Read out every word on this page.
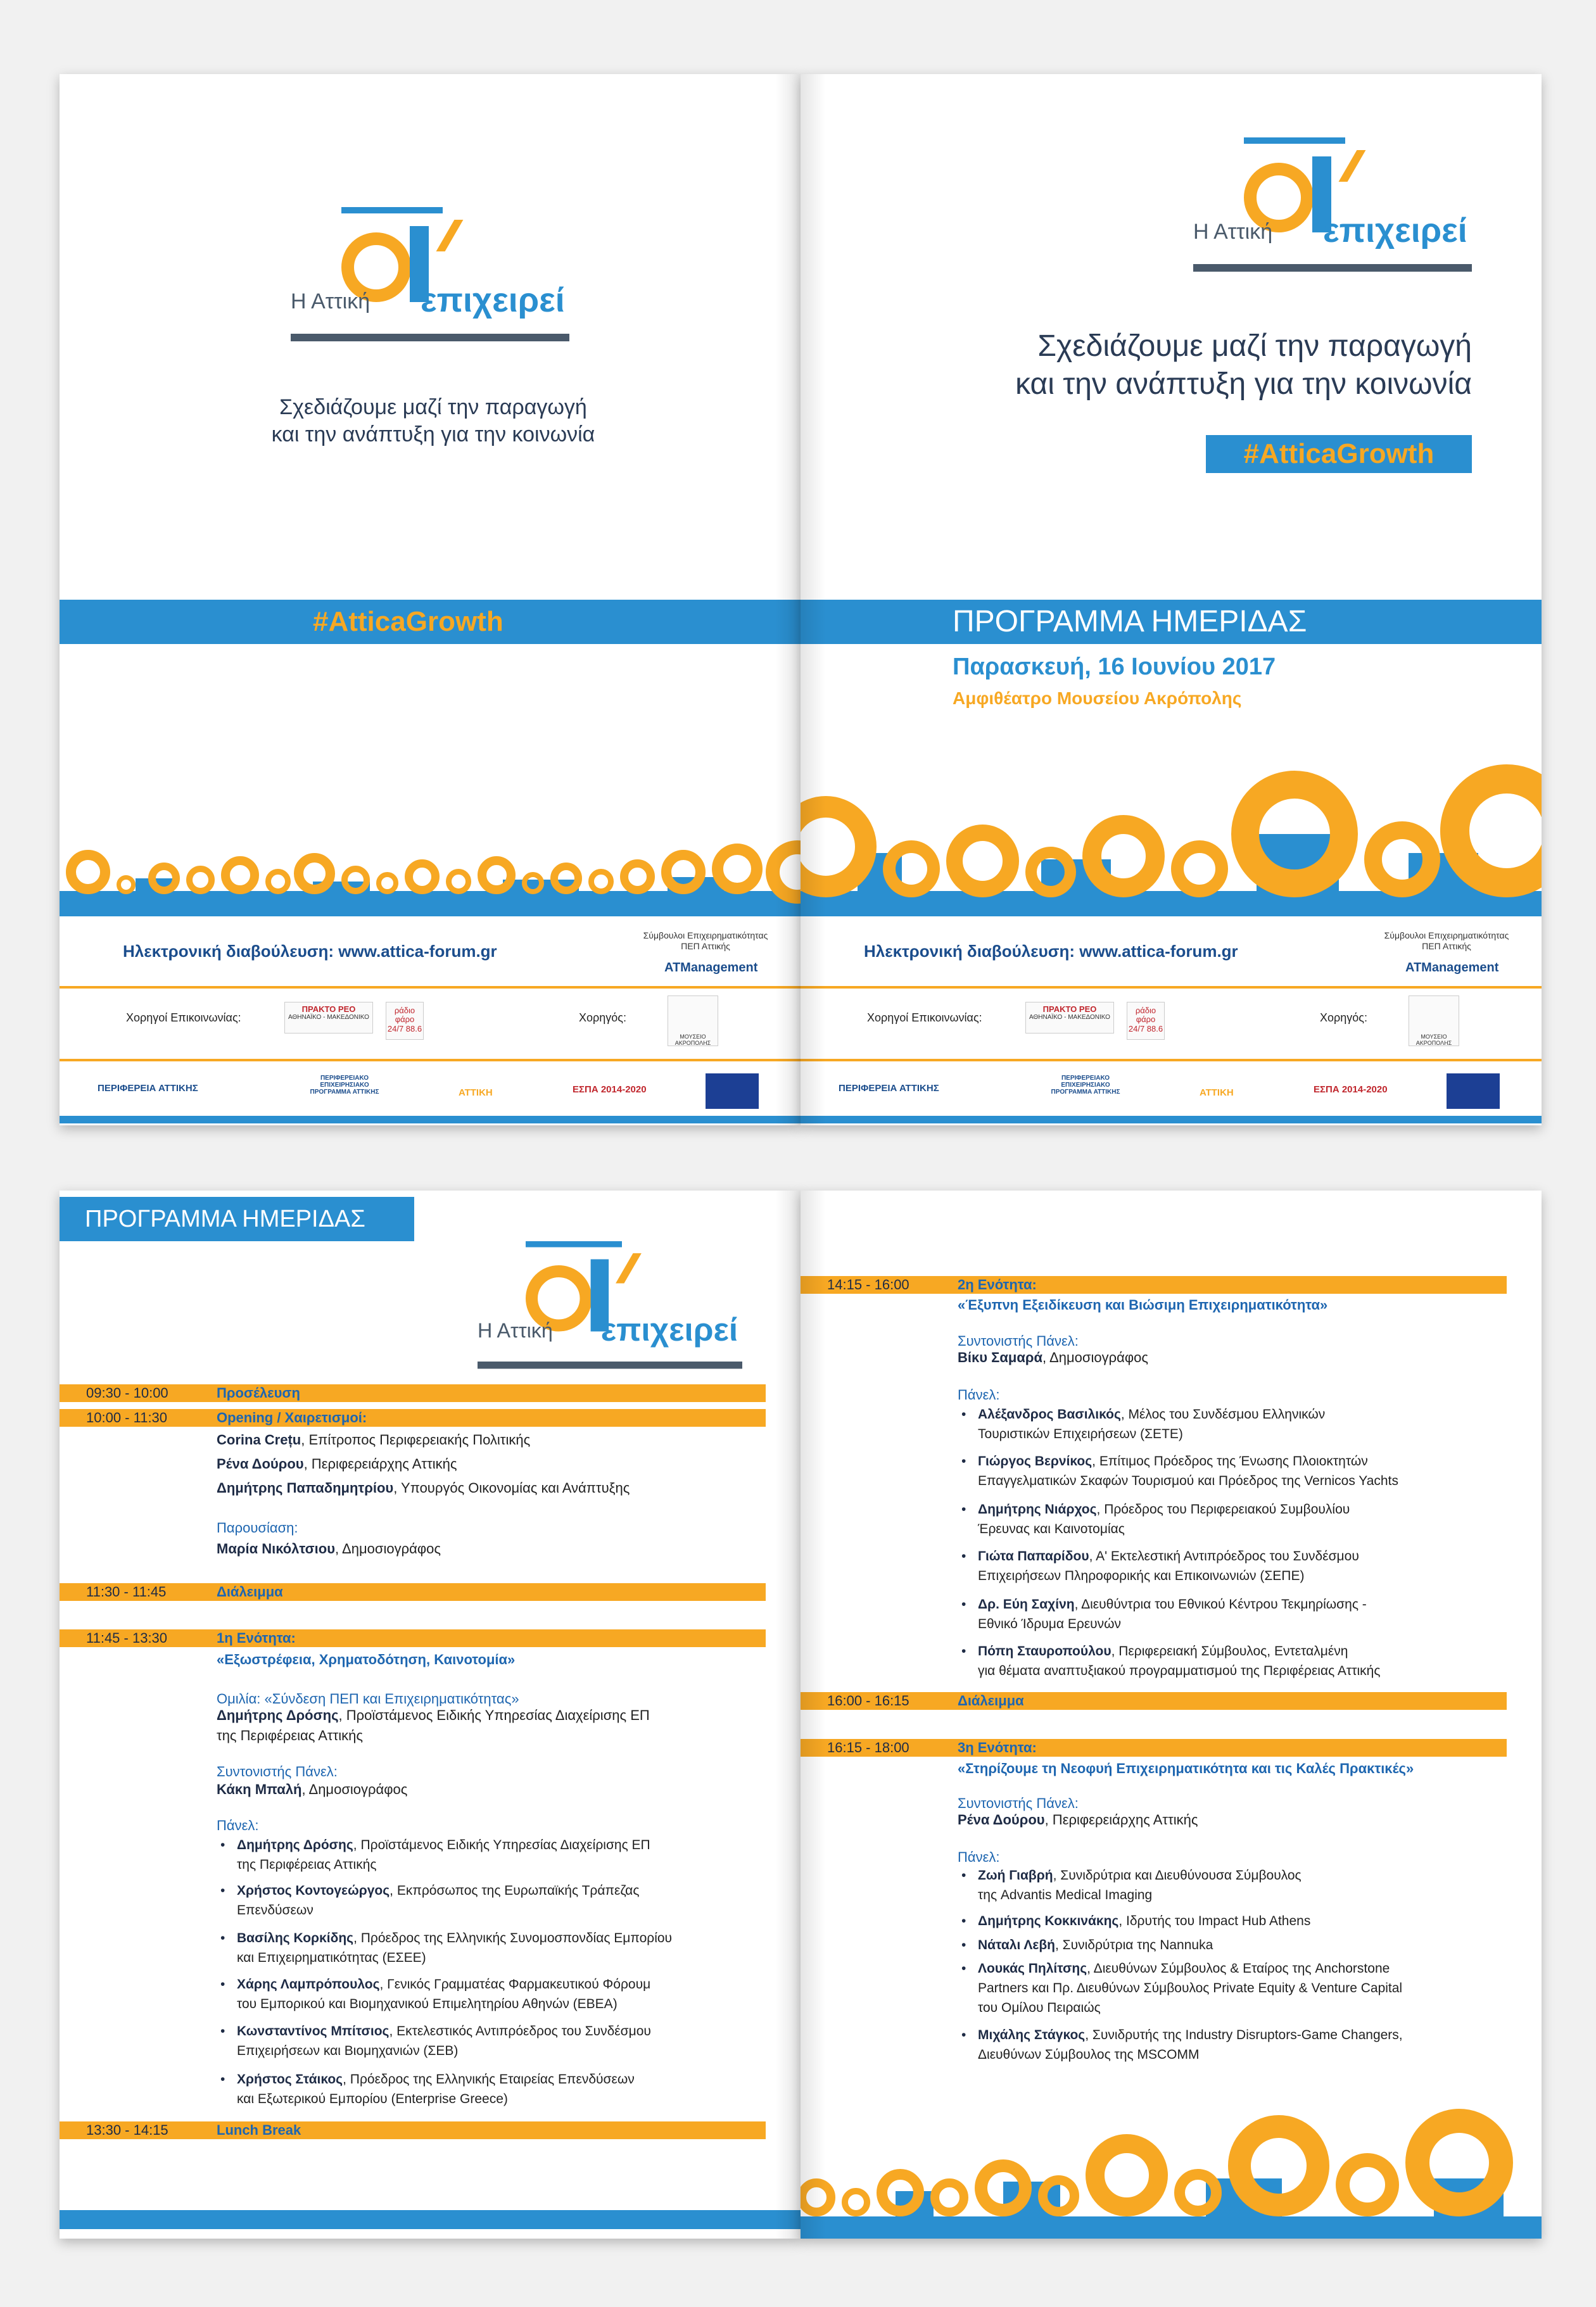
Η Αττική επιχειρεί
Σχεδιάζουμε μαζί την παραγωγή
και την ανάπτυξη για την κοινωνία
#AtticaGrowth
Ηλεκτρονική διαβούλευση: www.attica-forum.gr
Σύμβουλοι Επιχειρηματικότητας
ΠΕΠ Αττικής
ATManagement
Χορηγοί Επικοινωνίας:
ΠΡΑΚΤΟ ΡΕΟ
ΑΘΗΝΑΪΚΟ - ΜΑΚΕΔΟΝΙΚΟ
ράδιο φάρο 24/7 88.6
Χορηγός:
ΜΟΥΣΕΙΟ ΑΚΡΟΠΟΛΗΣ
ΠΕΡΙΦΕΡΕΙΑ ΑΤΤΙΚΗΣ
ΠΕΡΙΦΕΡΕΙΑΚΟ ΕΠΙΧΕΙΡΗΣΙΑΚΟ ΠΡΟΓΡΑΜΜΑ ΑΤΤΙΚΗΣ	ΑΤΤΙΚΗ	ΕΣΠΑ 2014-2020
Η Αττική επιχειρεί
Σχεδιάζουμε μαζί την παραγωγή
και την ανάπτυξη για την κοινωνία
#AtticaGrowth
ΠΡΟΓΡΑΜΜΑ ΗΜΕΡΙΔΑΣ
Παρασκευή, 16 Ιουνίου 2017
Αμφιθέατρο Μουσείου Ακρόπολης
Ηλεκτρονική διαβούλευση: www.attica-forum.gr
Σύμβουλοι Επιχειρηματικότητας
ΠΕΠ Αττικής
ATManagement
Χορηγοί Επικοινωνίας:
ΠΡΑΚΤΟ ΡΕΟ
ΑΘΗΝΑΪΚΟ - ΜΑΚΕΔΟΝΙΚΟ
ράδιο φάρο 24/7 88.6
Χορηγός:
ΜΟΥΣΕΙΟ ΑΚΡΟΠΟΛΗΣ
ΠΕΡΙΦΕΡΕΙΑ ΑΤΤΙΚΗΣ
ΠΕΡΙΦΕΡΕΙΑΚΟ ΕΠΙΧΕΙΡΗΣΙΑΚΟ ΠΡΟΓΡΑΜΜΑ ΑΤΤΙΚΗΣ	ΑΤΤΙΚΗ	ΕΣΠΑ 2014-2020
ΠΡΟΓΡΑΜΜΑ ΗΜΕΡΙΔΑΣ
Η Αττική επιχειρεί
09:30 - 10:00	Προσέλευση
10:00 - 11:30	Opening / Χαιρετισμοί:
Corina Crețu, Επίτροπος Περιφερειακής Πολιτικής
Ρένα Δούρου, Περιφερειάρχης Αττικής
Δημήτρης Παπαδημητρίου, Υπουργός Οικονομίας και Ανάπτυξης
Παρουσίαση:
Μαρία Νικόλτσιου, Δημοσιογράφος
11:30 - 11:45	Διάλειμμα
11:45 - 13:30	1η Ενότητα:
«Εξωστρέφεια, Χρηματοδότηση, Καινοτομία»
Ομιλία: «Σύνδεση ΠΕΠ και Επιχειρηματικότητας»
Δημήτρης Δρόσης, Προϊστάμενος Ειδικής Υπηρεσίας Διαχείρισης ΕΠ
της Περιφέρειας Αττικής
Συντονιστής Πάνελ:
Κάκη Μπαλή, Δημοσιογράφος
Πάνελ:
• Δημήτρης Δρόσης, Προϊστάμενος Ειδικής Υπηρεσίας Διαχείρισης ΕΠ
της Περιφέρειας Αττικής
• Χρήστος Κοντογεώργος, Εκπρόσωπος της Ευρωπαϊκής Τράπεζας
Επενδύσεων
• Βασίλης Κορκίδης, Πρόεδρος της Ελληνικής Συνομοσπονδίας Εμπορίου
και Επιχειρηματικότητας (ΕΣΕΕ)
• Χάρης Λαμπρόπουλος, Γενικός Γραμματέας Φαρμακευτικού Φόρουμ
του Εμπορικού και Βιομηχανικού Επιμελητηρίου Αθηνών (ΕΒΕΑ)
• Κωνσταντίνος Μπίτσιος, Εκτελεστικός Αντιπρόεδρος του Συνδέσμου
Επιχειρήσεων και Βιομηχανιών (ΣΕΒ)
• Χρήστος Στάικος, Πρόεδρος της Ελληνικής Εταιρείας Επενδύσεων
και Εξωτερικού Εμπορίου (Enterprise Greece)
13:30 - 14:15	Lunch Break
14:15 - 16:00	2η Ενότητα:
«Έξυπνη Εξειδίκευση και Βιώσιμη Επιχειρηματικότητα»
Συντονιστής Πάνελ:
Βίκυ Σαμαρά, Δημοσιογράφος
Πάνελ:
• Αλέξανδρος Βασιλικός, Μέλος του Συνδέσμου Ελληνικών
Τουριστικών Επιχειρήσεων (ΣΕΤΕ)
• Γιώργος Βερνίκος, Επίτιμος Πρόεδρος της Ένωσης Πλοιοκτητών
Επαγγελματικών Σκαφών Τουρισμού και Πρόεδρος της Vernicos Yachts
• Δημήτρης Νιάρχος, Πρόεδρος του Περιφερειακού Συμβουλίου
Έρευνας και Καινοτομίας
• Γιώτα Παπαρίδου, Α' Εκτελεστική Αντιπρόεδρος του Συνδέσμου
Επιχειρήσεων Πληροφορικής και Επικοινωνιών (ΣΕΠΕ)
• Δρ. Εύη Σαχίνη, Διευθύντρια του Εθνικού Κέντρου Τεκμηρίωσης -
Εθνικό Ίδρυμα Ερευνών
• Πόπη Σταυροπούλου, Περιφερειακή Σύμβουλος, Εντεταλμένη
για θέματα αναπτυξιακού προγραμματισμού της Περιφέρειας Αττικής
16:00 - 16:15	Διάλειμμα
16:15 - 18:00	3η Ενότητα:
«Στηρίζουμε τη Νεοφυή Επιχειρηματικότητα και τις Καλές Πρακτικές»
Συντονιστής Πάνελ:
Ρένα Δούρου, Περιφερειάρχης Αττικής
Πάνελ:
• Ζωή Γιαβρή, Συνιδρύτρια και Διευθύνουσα Σύμβουλος
της Advantis Medical Imaging
• Δημήτρης Κοκκινάκης, Ιδρυτής του Impact Hub Athens
• Νάταλι Λεβή, Συνιδρύτρια της Nannuka
• Λουκάς Πηλίτσης, Διευθύνων Σύμβουλος & Εταίρος της Anchorstone
Partners και Πρ. Διευθύνων Σύμβουλος Private Equity & Venture Capital
του Ομίλου Πειραιώς
• Μιχάλης Στάγκος, Συνιδρυτής της Industry Disruptors-Game Changers,
Διευθύνων Σύμβουλος της MSCOMM
